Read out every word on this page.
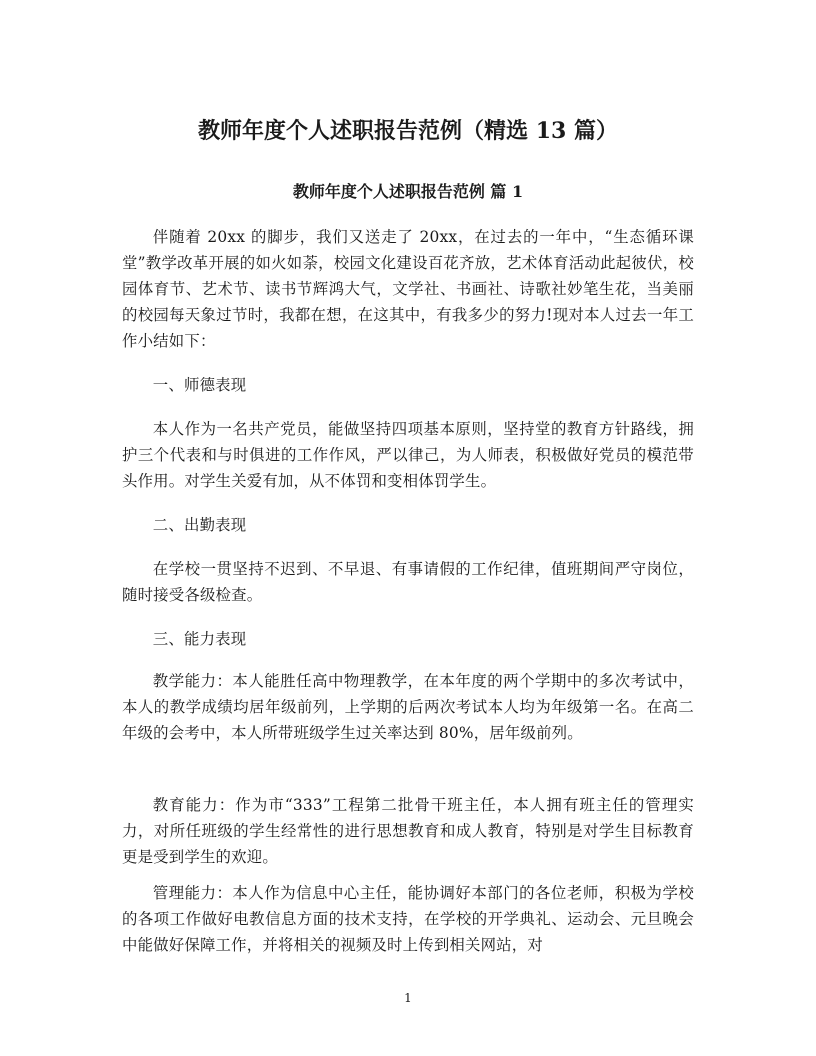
教师年度个人述职报告范例（精选 13 篇）
教师年度个人述职报告范例 篇 1

伴随着 20xx 的脚步，我们又送走了 20xx，在过去的一年中，“生态循环课堂”教学改革开展的如火如荼，校园文化建设百花齐放，艺术体育活动此起彼伏，校园体育节、艺术节、读书节辉鸿大气，文学社、书画社、诗歌社妙笔生花，当美丽的校园每天象过节时，我都在想，在这其中，有我多少的努力!现对本人过去一年工作小结如下：

一、师德表现

本人作为一名共产党员，能做坚持四项基本原则，坚持堂的教育方针路线，拥护三个代表和与时俱进的工作作风，严以律己，为人师表，积极做好党员的模范带头作用。对学生关爱有加，从不体罚和变相体罚学生。

二、出勤表现

在学校一贯坚持不迟到、不早退、有事请假的工作纪律，值班期间严守岗位，随时接受各级检查。

三、能力表现

教学能力：本人能胜任高中物理教学，在本年度的两个学期中的多次考试中，本人的教学成绩均居年级前列，上学期的后两次考试本人均为年级第一名。在高二年级的会考中，本人所带班级学生过关率达到 80%，居年级前列。

教育能力：作为市“333”工程第二批骨干班主任，本人拥有班主任的管理实力，对所任班级的学生经常性的进行思想教育和成人教育，特别是对学生目标教育更是受到学生的欢迎。

管理能力：本人作为信息中心主任，能协调好本部门的各位老师，积极为学校的各项工作做好电教信息方面的技术支持，在学校的开学典礼、运动会、元旦晚会中能做好保障工作，并将相关的视频及时上传到相关网站，对

1
